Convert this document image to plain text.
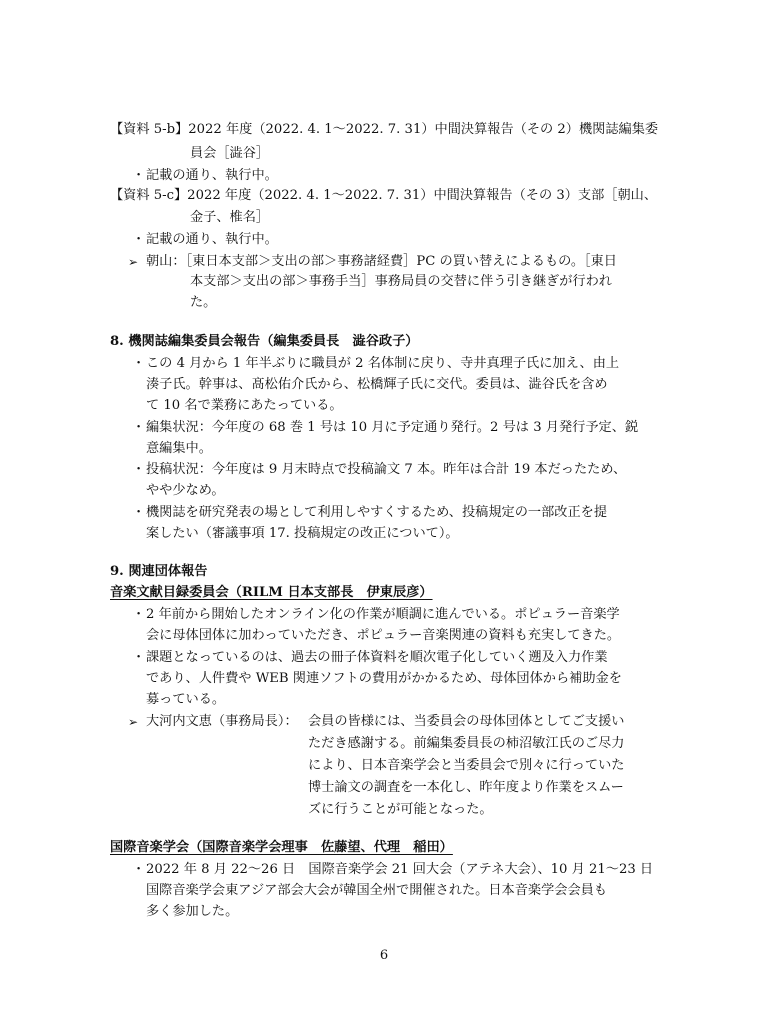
【資料 5-b】2022 年度（2022. 4. 1～2022. 7. 31）中間決算報告（その 2）機関誌編集委
員会［澁谷］
・ 記載の通り、執行中。
【資料 5-c】2022 年度（2022. 4. 1～2022. 7. 31）中間決算報告（その 3）支部［朝山、
金子、椎名］
・ 記載の通り、執行中。
➢ 朝山：［東日本支部＞支出の部＞事務諸経費］PC の買い替えによるもの。［東日
本支部＞支出の部＞事務手当］事務局員の交替に伴う引き継ぎが行われ
た。
8. 機関誌編集委員会報告（編集委員長　澁谷政子）
・ この 4 月から 1 年半ぶりに職員が 2 名体制に戻り、寺井真理子氏に加え、由上
湊子氏。幹事は、髙松佑介氏から、松橋輝子氏に交代。委員は、澁谷氏を含め
て 10 名で業務にあたっている。
・ 編集状況：今年度の 68 巻 1 号は 10 月に予定通り発行。2 号は 3 月発行予定、鋭
意編集中。
・ 投稿状況：今年度は 9 月末時点で投稿論文 7 本。昨年は合計 19 本だったため、
やや少なめ。
・ 機関誌を研究発表の場として利用しやすくするため、投稿規定の一部改正を提
案したい（審議事項 17. 投稿規定の改正について）。
9. 関連団体報告
音楽文献目録委員会（RILM 日本支部長　伊東辰彦）
・ 2 年前から開始したオンライン化の作業が順調に進んでいる。ポピュラー音楽学
会に母体団体に加わっていただき、ポピュラー音楽関連の資料も充実してきた。
・ 課題となっているのは、過去の冊子体資料を順次電子化していく遡及入力作業
であり、人件費や WEB 関連ソフトの費用がかかるため、母体団体から補助金を
募っている。
➢ 大河内文恵（事務局長）： 会員の皆様には、当委員会の母体団体としてご支援い
ただき感謝する。前編集委員長の柿沼敏江氏のご尽力
により、日本音楽学会と当委員会で別々に行っていた
博士論文の調査を一本化し、昨年度より作業をスムー
ズに行うことが可能となった。
国際音楽学会（国際音楽学会理事　佐藤望、代理　稲田）
・ 2022 年 8 月 22～26 日　国際音楽学会 21 回大会（アテネ大会）、10 月 21～23 日
国際音楽学会東アジア部会大会が韓国全州で開催された。日本音楽学会会員も
多く参加した。
6
